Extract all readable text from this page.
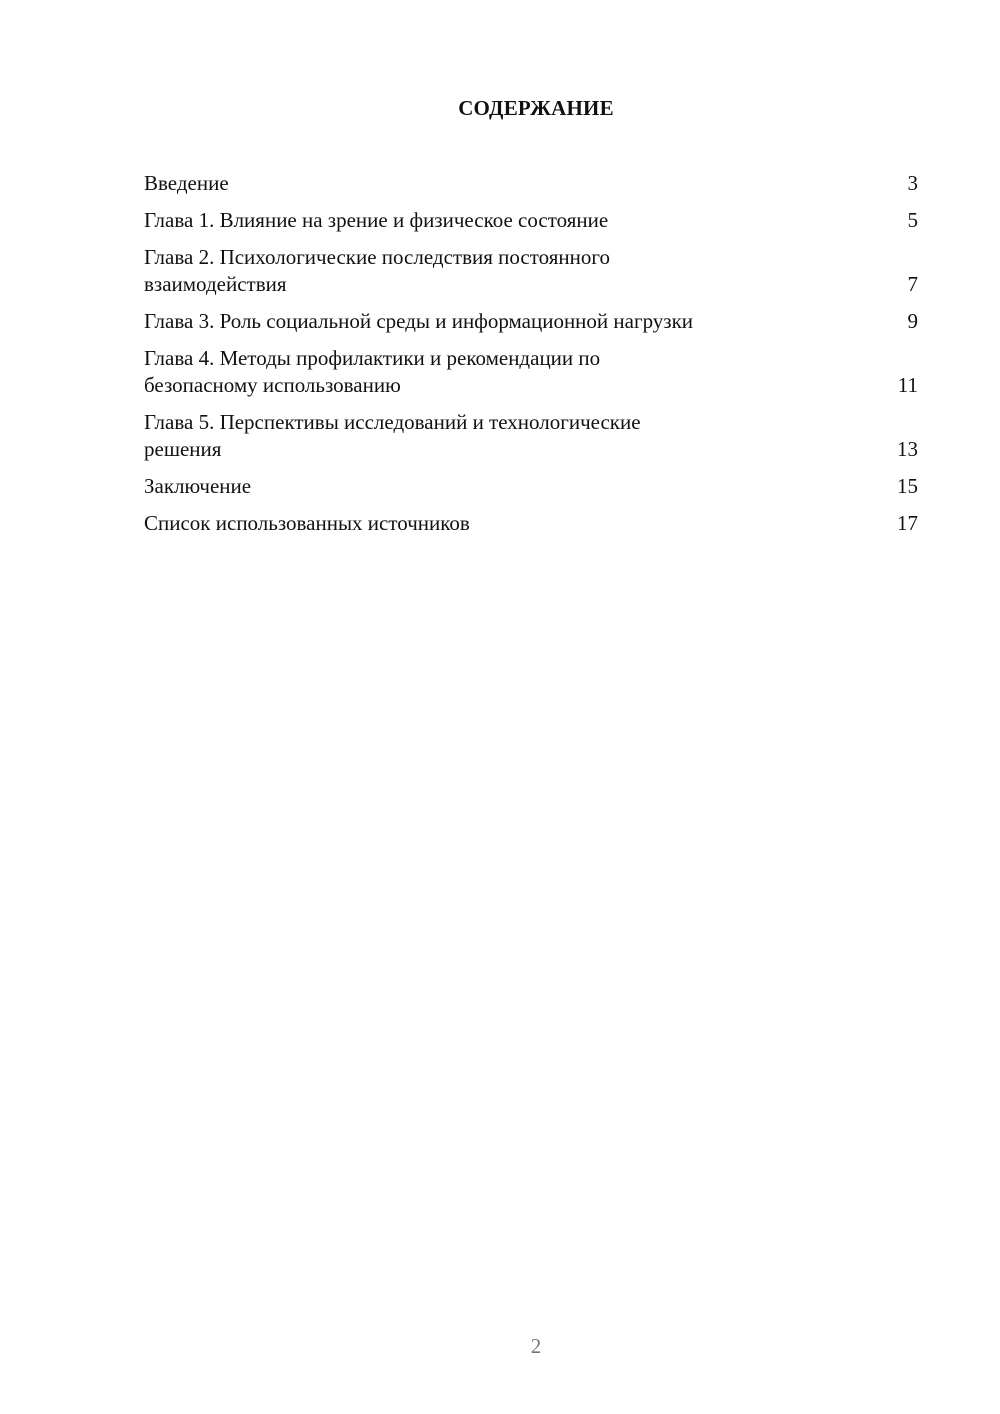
СОДЕРЖАНИЕ
Введение	3
Глава 1. Влияние на зрение и физическое состояние	5
Глава 2. Психологические последствия постоянного взаимодействия	7
Глава 3. Роль социальной среды и информационной нагрузки	9
Глава 4. Методы профилактики и рекомендации по безопасному использованию	11
Глава 5. Перспективы исследований и технологические решения	13
Заключение	15
Список использованных источников	17
2
